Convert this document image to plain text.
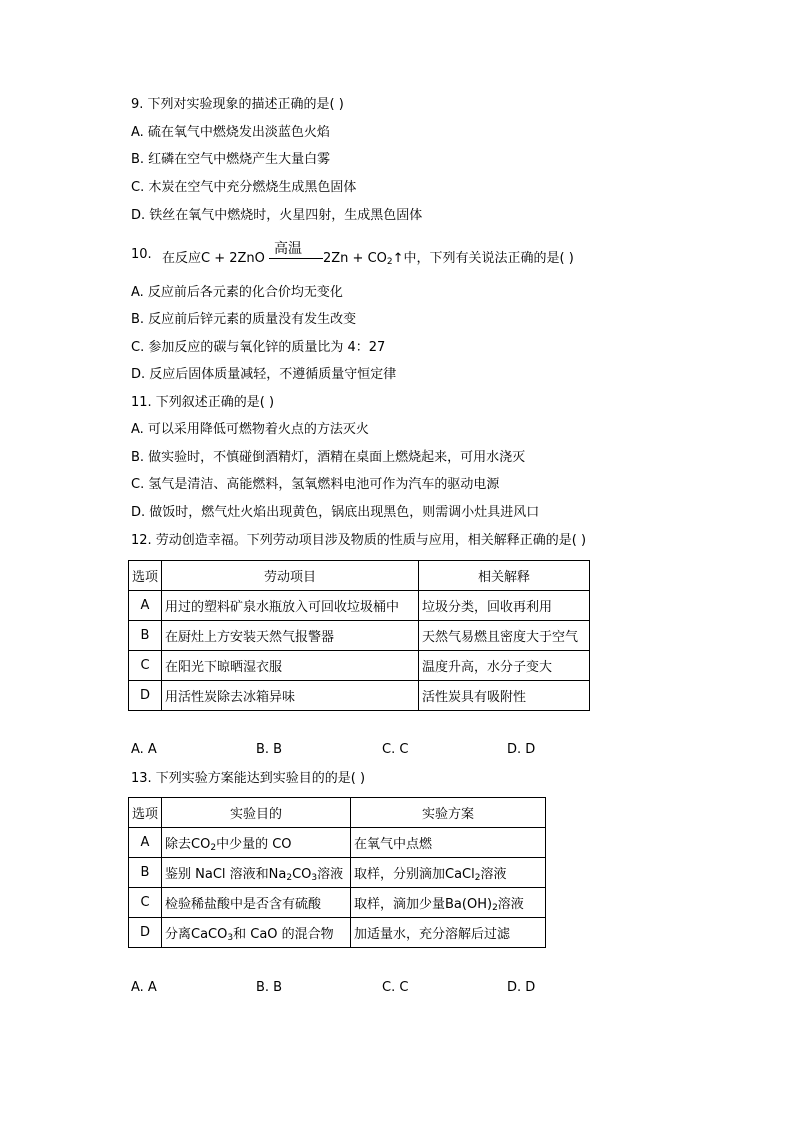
9. 下列对实验现象的描述正确的是( )
A. 硫在氧气中燃烧发出淡蓝色火焰
B. 红磷在空气中燃烧产生大量白雾
C. 木炭在空气中充分燃烧生成黑色固体
D. 铁丝在氧气中燃烧时，火星四射，生成黑色固体
10. 在反应C + 2ZnO
高温
$2Zn + CO_2↑$中，下列有关说法正确的是( )
A. 反应前后各元素的化合价均无变化
B. 反应前后锌元素的质量没有发生改变
C. 参加反应的碳与氧化锌的质量比为 4：27
D. 反应后固体质量减轻，不遵循质量守恒定律
11. 下列叙述正确的是( )
A. 可以采用降低可燃物着火点的方法灭火
B. 做实验时，不慎碰倒酒精灯，酒精在桌面上燃烧起来，可用水浇灭
C. 氢气是清洁、高能燃料，氢氧燃料电池可作为汽车的驱动电源
D. 做饭时，燃气灶火焰出现黄色，锅底出现黑色，则需调小灶具进风口
12. 劳动创造幸福。下列劳动项目涉及物质的性质与应用，相关解释正确的是( )
选项	劳动项目	相关解释
A	用过的塑料矿泉水瓶放入可回收垃圾桶中	垃圾分类，回收再利用
B	在厨灶上方安装天然气报警器	天然气易燃且密度大于空气
C	在阳光下晾晒湿衣服	温度升高，水分子变大
D	用活性炭除去冰箱异味	活性炭具有吸附性
A. A	B. B	C. C	D. D
13. 下列实验方案能达到实验目的的是( )
选项	实验目的	实验方案
A	除去$CO_2$中少量的 CO	在氧气中点燃
B	鉴别 NaCl 溶液和$Na_2CO_3$溶液	取样，分别滴加CaCl$_2$溶液
C	检验稀盐酸中是否含有硫酸	取样，滴加少量$Ba(OH)_2$溶液
D	分离CaCO$_3$和 CaO 的混合物	加适量水，充分溶解后过滤
A. A	B. B	C. C	D. D
